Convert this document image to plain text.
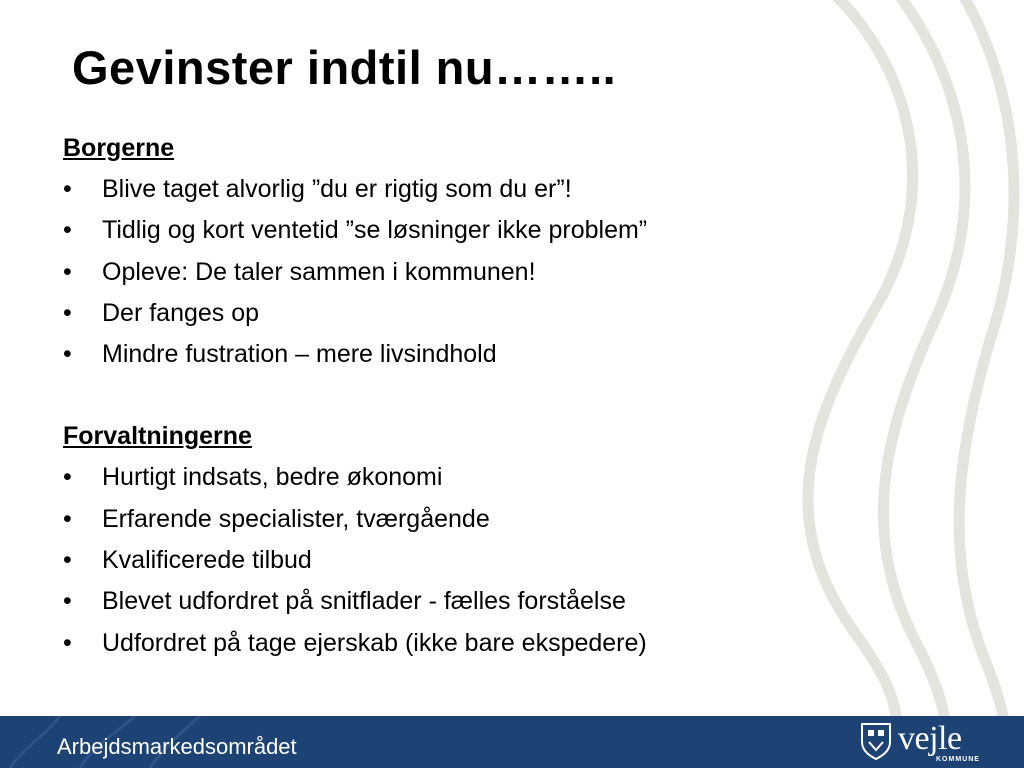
Gevinster indtil nu……..
Borgerne
• Blive taget alvorlig ”du er rigtig som du er”!
• Tidlig og kort ventetid ”se løsninger ikke problem”
• Opleve: De taler sammen i kommunen!
• Der fanges op
• Mindre fustration – mere livsindhold
Forvaltningerne
• Hurtigt indsats, bedre økonomi
• Erfarende specialister, tværgående
• Kvalificerede tilbud
• Blevet udfordret på snitflader - fælles forståelse
• Udfordret på tage ejerskab (ikke bare ekspedere)
Arbejdsmarkedsområdet	vejle
KOMMUNE
